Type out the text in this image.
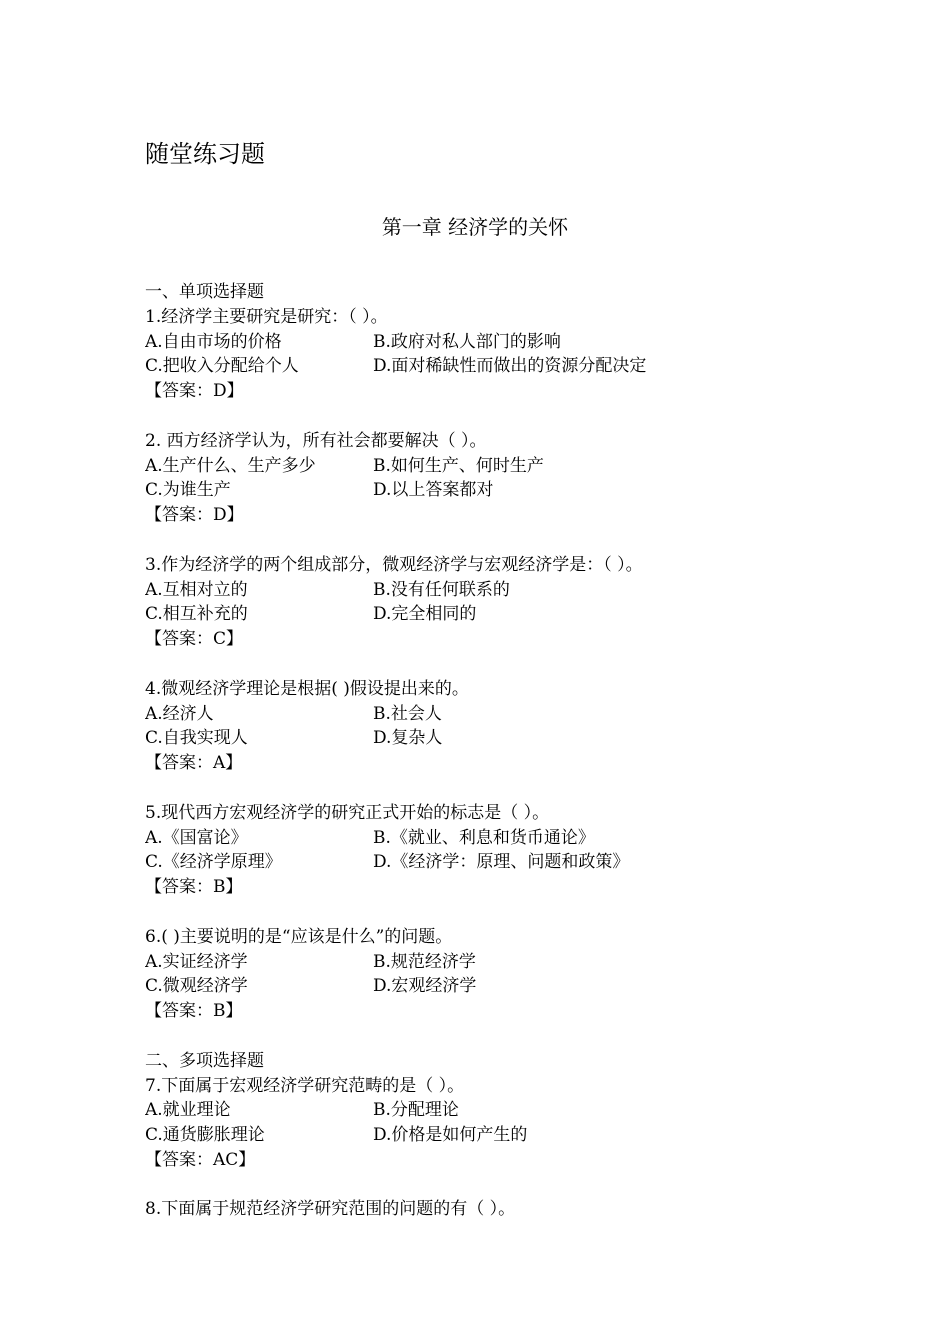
随堂练习题
第一章 经济学的关怀
一、单项选择题
1.经济学主要研究是研究：（ ）。
A.自由市场的价格	B.政府对私人部门的影响
C.把收入分配给个人	D.面对稀缺性而做出的资源分配决定
【答案：D】
2. 西方经济学认为，所有社会都要解决（ ）。
A.生产什么、生产多少	B.如何生产、何时生产
C.为谁生产	D.以上答案都对
【答案：D】
3.作为经济学的两个组成部分，微观经济学与宏观经济学是：（ ）。
A.互相对立的	B.没有任何联系的
C.相互补充的	D.完全相同的
【答案：C】
4.微观经济学理论是根据( )假设提出来的。
A.经济人	B.社会人
C.自我实现人	D.复杂人
【答案：A】
5.现代西方宏观经济学的研究正式开始的标志是（ ）。
A.《国富论》	B.《就业、利息和货币通论》
C.《经济学原理》	D.《经济学：原理、问题和政策》
【答案：B】
6.( )主要说明的是“应该是什么”的问题。
A.实证经济学	B.规范经济学
C.微观经济学	D.宏观经济学
【答案：B】
二、多项选择题
7.下面属于宏观经济学研究范畴的是（ ）。
A.就业理论	B.分配理论
C.通货膨胀理论	D.价格是如何产生的
【答案：AC】
8.下面属于规范经济学研究范围的问题的有（ ）。
